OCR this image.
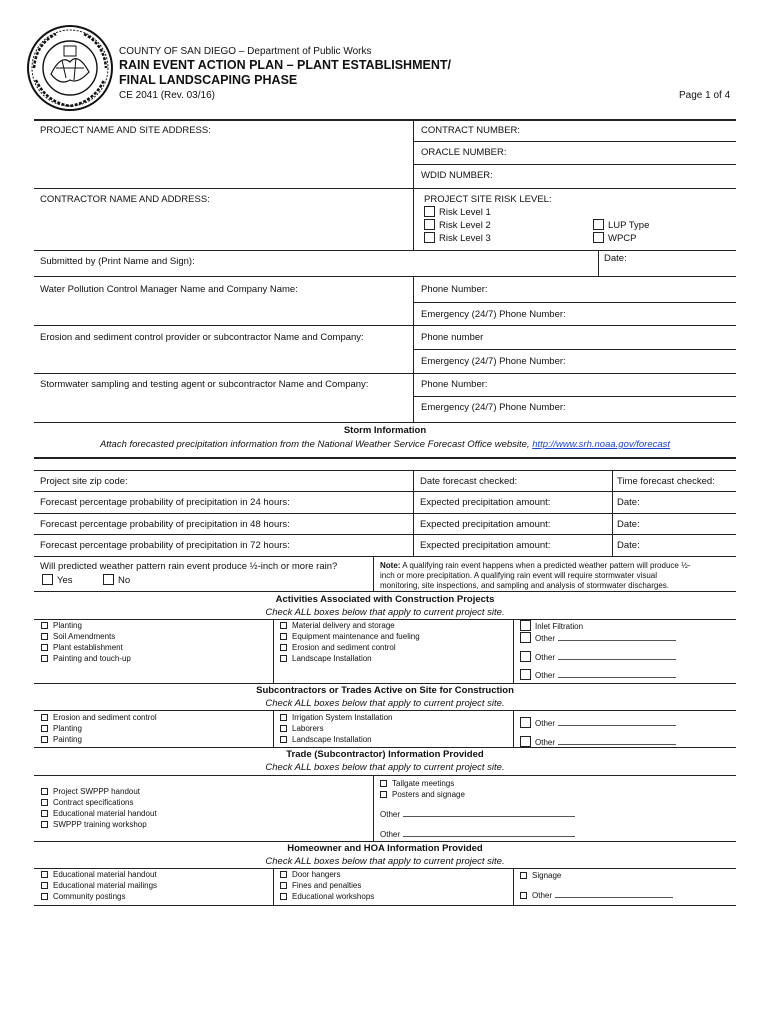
COUNTY OF SAN DIEGO – Department of Public Works
RAIN EVENT ACTION PLAN – PLANT ESTABLISHMENT/
FINAL LANDSCAPING PHASE
CE 2041 (Rev. 03/16)	Page 1 of 4
PROJECT NAME AND SITE ADDRESS:	CONTRACT NUMBER:
ORACLE NUMBER:
WDID NUMBER:
CONTRACTOR NAME AND ADDRESS:	PROJECT SITE RISK LEVEL:
Risk Level 1
Risk Level 2
Risk Level 3
LUP Type
WPCP
Submitted by (Print Name and Sign):	Date:
Water Pollution Control Manager Name and Company Name:	Phone Number:
Emergency (24/7) Phone Number:
Erosion and sediment control provider or subcontractor Name and Company:	Phone number
Emergency (24/7) Phone Number:
Stormwater sampling and testing agent or subcontractor Name and Company:	Phone Number:
Emergency (24/7) Phone Number:
Storm Information
Attach forecasted precipitation information from the National Weather Service Forecast Office website, http://www.srh.noaa.gov/forecast
Project site zip code:	Date forecast checked:	Time forecast checked:
Forecast percentage probability of precipitation in 24 hours:	Expected precipitation amount:	Date:
Forecast percentage probability of precipitation in 48 hours:	Expected precipitation amount:	Date:
Forecast percentage probability of precipitation in 72 hours:	Expected precipitation amount:	Date:
Will predicted weather pattern rain event produce ½-inch or more rain?
Yes	No
Note: A qualifying rain event happens when a predicted weather pattern will produce ½-
inch or more precipitation. A qualifying rain event will require stormwater visual
monitoring, site inspections, and sampling and analysis of stormwater discharges.
Activities Associated with Construction Projects
Check ALL boxes below that apply to current project site.
Planting
Soil Amendments
Plant establishment
Painting and touch-up
Material delivery and storage
Equipment maintenance and fueling
Erosion and sediment control
Landscape Installation
Inlet Filtration
Other
Other
Other
Subcontractors or Trades Active on Site for Construction
Check ALL boxes below that apply to current project site.
Erosion and sediment control
Planting
Painting
Irrigation System Installation
Laborers
Landscape Installation
Other
Other
Trade (Subcontractor) Information Provided
Check ALL boxes below that apply to current project site.
Project SWPPP handout
Contract specifications
Educational material handout
SWPPP training workshop
Tailgate meetings
Posters and signage
Other
Other
Homeowner and HOA Information Provided
Check ALL boxes below that apply to current project site.
Educational material handout
Educational material mailings
Community postings
Door hangers
Fines and penalties
Educational workshops
Signage
Other
